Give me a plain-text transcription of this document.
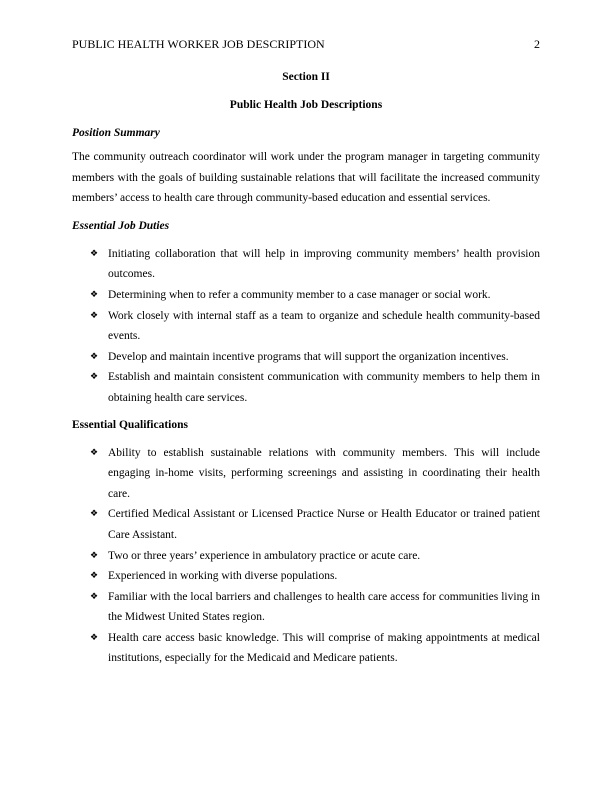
PUBLIC HEALTH WORKER JOB DESCRIPTION	2

Section II

Public Health Job Descriptions

Position Summary

The community outreach coordinator will work under the program manager in targeting community members with the goals of building sustainable relations that will facilitate the increased community members’ access to health care through community-based education and essential services.

Essential Job Duties

❖ Initiating collaboration that will help in improving community members’ health provision outcomes.
❖ Determining when to refer a community member to a case manager or social work.
❖ Work closely with internal staff as a team to organize and schedule health community-based events.
❖ Develop and maintain incentive programs that will support the organization incentives.
❖ Establish and maintain consistent communication with community members to help them in obtaining health care services.

Essential Qualifications

❖ Ability to establish sustainable relations with community members. This will include engaging in-home visits, performing screenings and assisting in coordinating their health care.
❖ Certified Medical Assistant or Licensed Practice Nurse or Health Educator or trained patient Care Assistant.
❖ Two or three years’ experience in ambulatory practice or acute care.
❖ Experienced in working with diverse populations.
❖ Familiar with the local barriers and challenges to health care access for communities living in the Midwest United States region.
❖ Health care access basic knowledge. This will comprise of making appointments at medical institutions, especially for the Medicaid and Medicare patients.
